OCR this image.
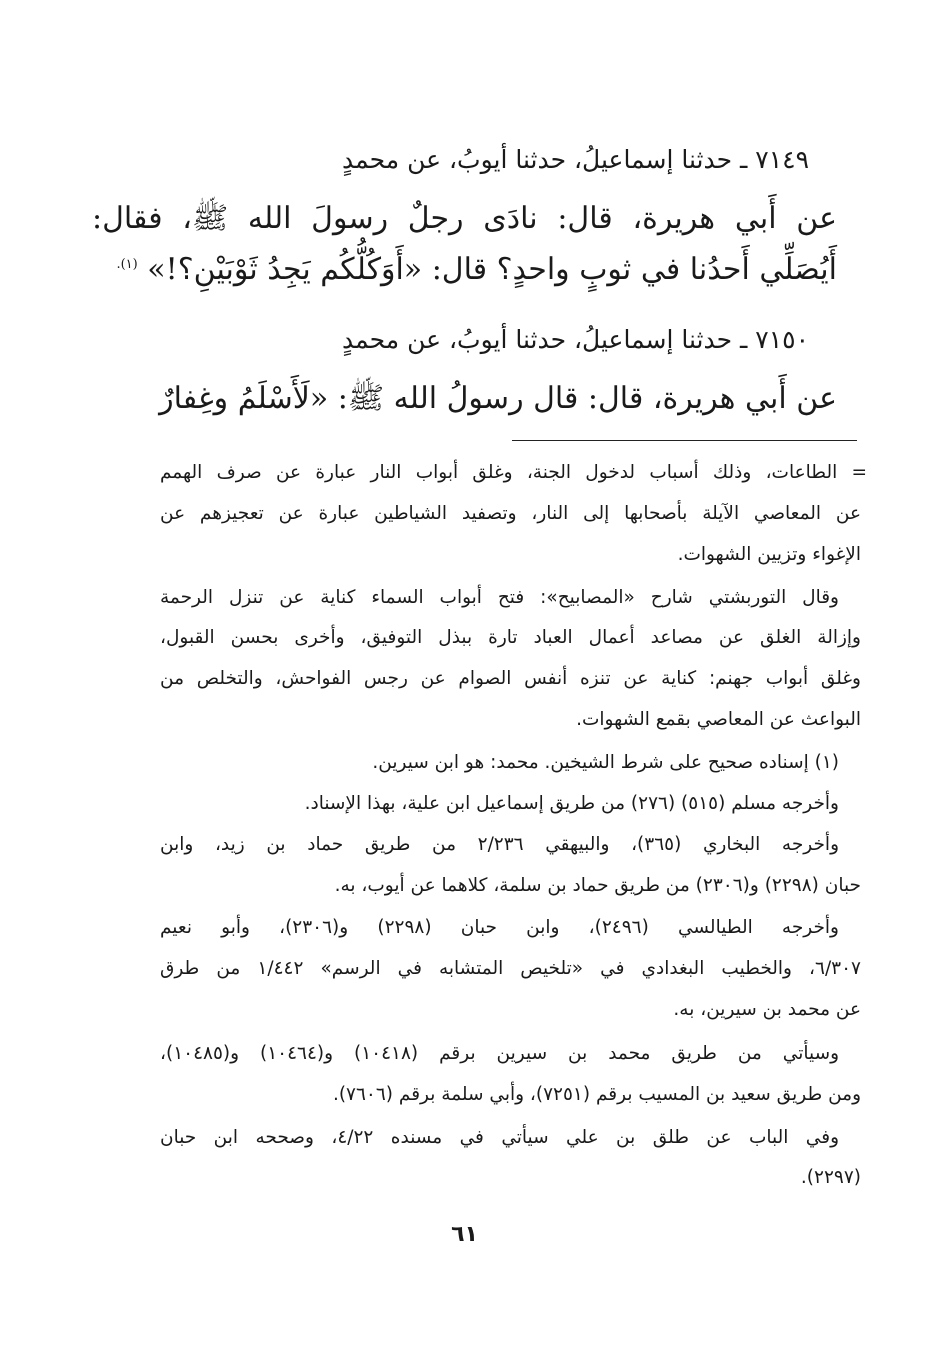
٧١٤٩ ـ حدثنا إسماعيلُ، حدثنا أيوبُ، عن محمدٍ
عن أَبي هريرة، قال: نادَى رجلٌ رسولَ الله ﷺ، فقال:
أَيُصَلِّي أَحدُنا في ثوبٍ واحدٍ؟ قال: «أَوَكُلُّكُم يَجِدُ ثَوْبَيْنِ؟!» $^{(١).}$
٧١٥٠ ـ حدثنا إسماعيلُ، حدثنا أيوبُ، عن محمدٍ
عن أَبي هريرة، قال: قال رسولُ الله ﷺ: «لَأَسْلَمُ وغِفارٌ
= الطاعات، وذلك أسباب لدخول الجنة، وغلق أبواب النار عبارة عن صرف الهمم
عن المعاصي الآيلة بأصحابها إلى النار، وتصفيد الشياطين عبارة عن تعجيزهم عن
الإغواء وتزيين الشهوات.
وقال التوربشتي شارح «المصابيح»: فتح أبواب السماء كناية عن تنزل الرحمة
وإزالة الغلق عن مصاعد أعمال العباد تارة ببذل التوفيق، وأخرى بحسن القبول،
وغلق أبواب جهنم: كناية عن تنزه أنفس الصوام عن رجس الفواحش، والتخلص من
البواعث عن المعاصي بقمع الشهوات.
(١) إسناده صحيح على شرط الشيخين. محمد: هو ابن سيرين.
وأخرجه مسلم (٥١٥) (٢٧٦) من طريق إسماعيل ابن علية، بهذا الإسناد.
وأخرجه البخاري (٣٦٥)، والبيهقي ٢/٢٣٦ من طريق حماد بن زيد، وابن
حبان (٢٢٩٨) و(٢٣٠٦) من طريق حماد بن سلمة، كلاهما عن أيوب، به.
وأخرجه الطيالسي (٢٤٩٦)، وابن حبان (٢٢٩٨) و(٢٣٠٦)، وأبو نعيم
٦/٣٠٧، والخطيب البغدادي في «تلخيص المتشابه في الرسم» ١/٤٤٢ من طرق
عن محمد بن سيرين، به.
وسيأتي من طريق محمد بن سيرين برقم (١٠٤١٨) و(١٠٤٦٤) و(١٠٤٨٥)،
ومن طريق سعيد بن المسيب برقم (٧٢٥١)، وأبي سلمة برقم (٧٦٠٦).
وفي الباب عن طلق بن علي سيأتي في مسنده ٤/٢٢، وصححه ابن حبان
(٢٢٩٧).
٦١
